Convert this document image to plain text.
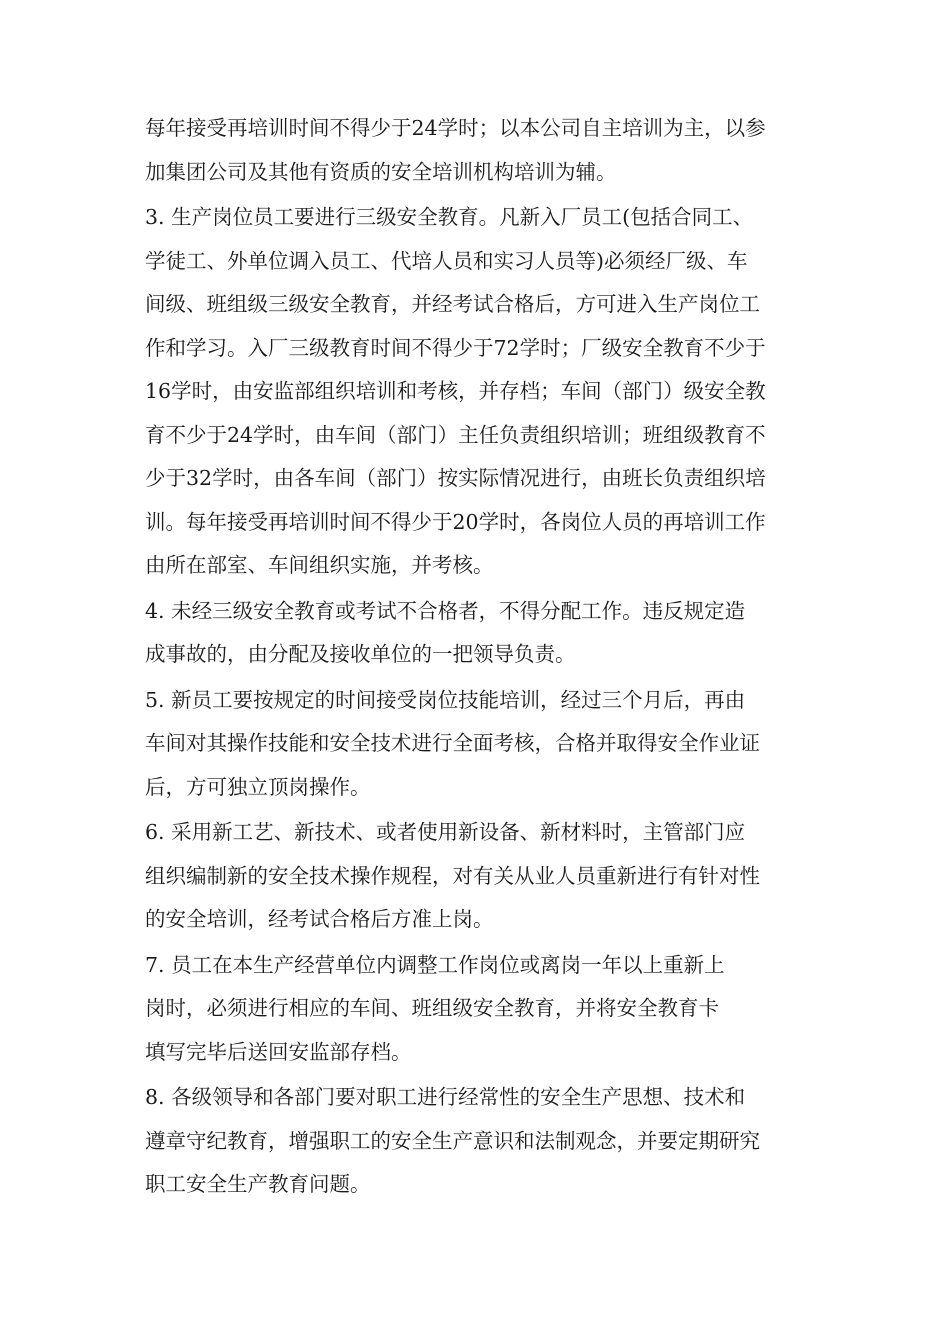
每年接受再培训时间不得少于24学时；以本公司自主培训为主，以参
加集团公司及其他有资质的安全培训机构培训为辅。

3. 生产岗位员工要进行三级安全教育。凡新入厂员工(包括合同工、
学徒工、外单位调入员工、代培人员和实习人员等)必须经厂级、车
间级、班组级三级安全教育，并经考试合格后，方可进入生产岗位工
作和学习。入厂三级教育时间不得少于72学时；厂级安全教育不少于
16学时，由安监部组织培训和考核，并存档；车间（部门）级安全教
育不少于24学时，由车间（部门）主任负责组织培训；班组级教育不
少于32学时，由各车间（部门）按实际情况进行，由班长负责组织培
训。每年接受再培训时间不得少于20学时，各岗位人员的再培训工作
由所在部室、车间组织实施，并考核。

4. 未经三级安全教育或考试不合格者，不得分配工作。违反规定造
成事故的，由分配及接收单位的一把领导负责。

5. 新员工要按规定的时间接受岗位技能培训，经过三个月后，再由
车间对其操作技能和安全技术进行全面考核，合格并取得安全作业证
后，方可独立顶岗操作。

6. 采用新工艺、新技术、或者使用新设备、新材料时，主管部门应
组织编制新的安全技术操作规程，对有关从业人员重新进行有针对性
的安全培训，经考试合格后方准上岗。

7. 员工在本生产经营单位内调整工作岗位或离岗一年以上重新上
岗时，必须进行相应的车间、班组级安全教育，并将安全教育卡
填写完毕后送回安监部存档。

8. 各级领导和各部门要对职工进行经常性的安全生产思想、技术和
遵章守纪教育，增强职工的安全生产意识和法制观念，并要定期研究
职工安全生产教育问题。
